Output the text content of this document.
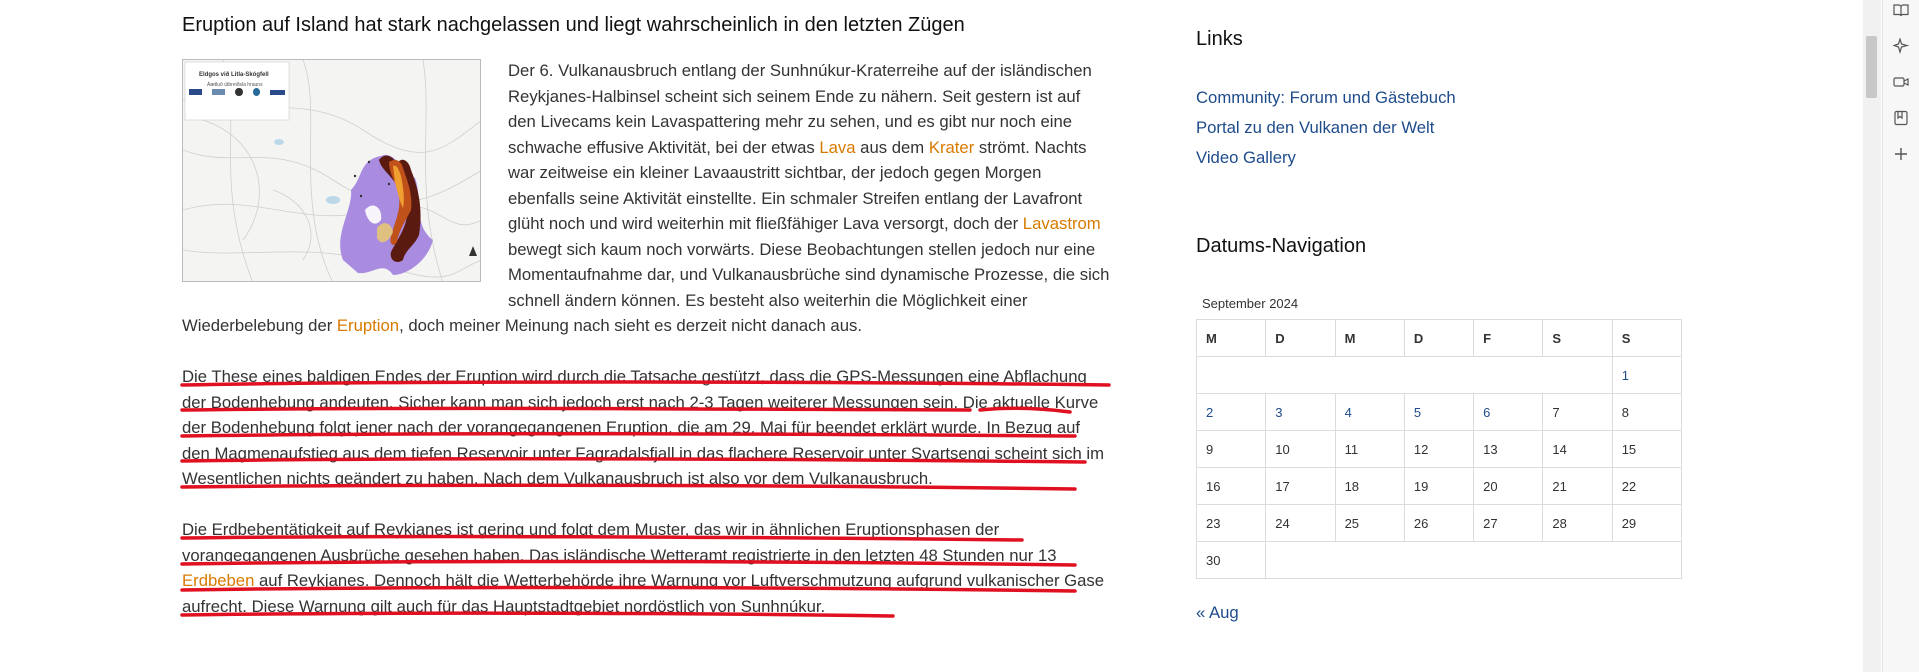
Eruption auf Island hat stark nachgelassen und liegt wahrscheinlich in den letzten Zügen
Eldgos við Litla-Skógfell
Áætluð útbreiðsla hrauns

Der 6. Vulkanausbruch entlang der Sunhnúkur-Kraterreihe auf der isländischen Reykjanes-Halbinsel scheint sich seinem Ende zu nähern. Seit gestern ist auf den Livecams kein Lavaspattering mehr zu sehen, und es gibt nur noch eine schwache effusive Aktivität, bei der etwas Lava aus dem Krater strömt. Nachts war zeitweise ein kleiner Lavaaustritt sichtbar, der jedoch gegen Morgen ebenfalls seine Aktivität einstellte. Ein schmaler Streifen entlang der Lavafront glüht noch und wird weiterhin mit fließfähiger Lava versorgt, doch der Lavastrom bewegt sich kaum noch vorwärts. Diese Beobachtungen stellen jedoch nur eine Momentaufnahme dar, und Vulkanausbrüche sind dynamische Prozesse, die sich schnell ändern können. Es besteht also weiterhin die Möglichkeit einer Wiederbelebung der Eruption, doch meiner Meinung nach sieht es derzeit nicht danach aus.

Die These eines baldigen Endes der Eruption wird durch die Tatsache gestützt, dass die GPS-Messungen eine Abflachung der Bodenhebung andeuten. Sicher kann man sich jedoch erst nach 2-3 Tagen weiterer Messungen sein. Die aktuelle Kurve der Bodenhebung folgt jener nach der vorangegangenen Eruption, die am 29. Mai für beendet erklärt wurde. In Bezug auf den Magmenaufstieg aus dem tiefen Reservoir unter Fagradalsfjall in das flachere Reservoir unter Svartsengi scheint sich im Wesentlichen nichts geändert zu haben. Nach dem Vulkanausbruch ist also vor dem Vulkanausbruch.

Die Erdbebentätigkeit auf Reykjanes ist gering und folgt dem Muster, das wir in ähnlichen Eruptionsphasen der vorangegangenen Ausbrüche gesehen haben. Das isländische Wetteramt registrierte in den letzten 48 Stunden nur 13 Erdbeben auf Reykjanes. Dennoch hält die Wetterbehörde ihre Warnung vor Luftverschmutzung aufgrund vulkanischer Gase aufrecht. Diese Warnung gilt auch für das Hauptstadtgebiet nordöstlich von Sunhnúkur.

Links
Community: Forum und Gästebuch
Portal zu den Vulkanen der Welt
Video Gallery
Datums-Navigation
September 2024
M	D	M	D	F	S	S
						1
2	3	4	5	6	7	8
9	10	11	12	13	14	15
16	17	18	19	20	21	22
23	24	25	26	27	28	29
30						
« Aug
